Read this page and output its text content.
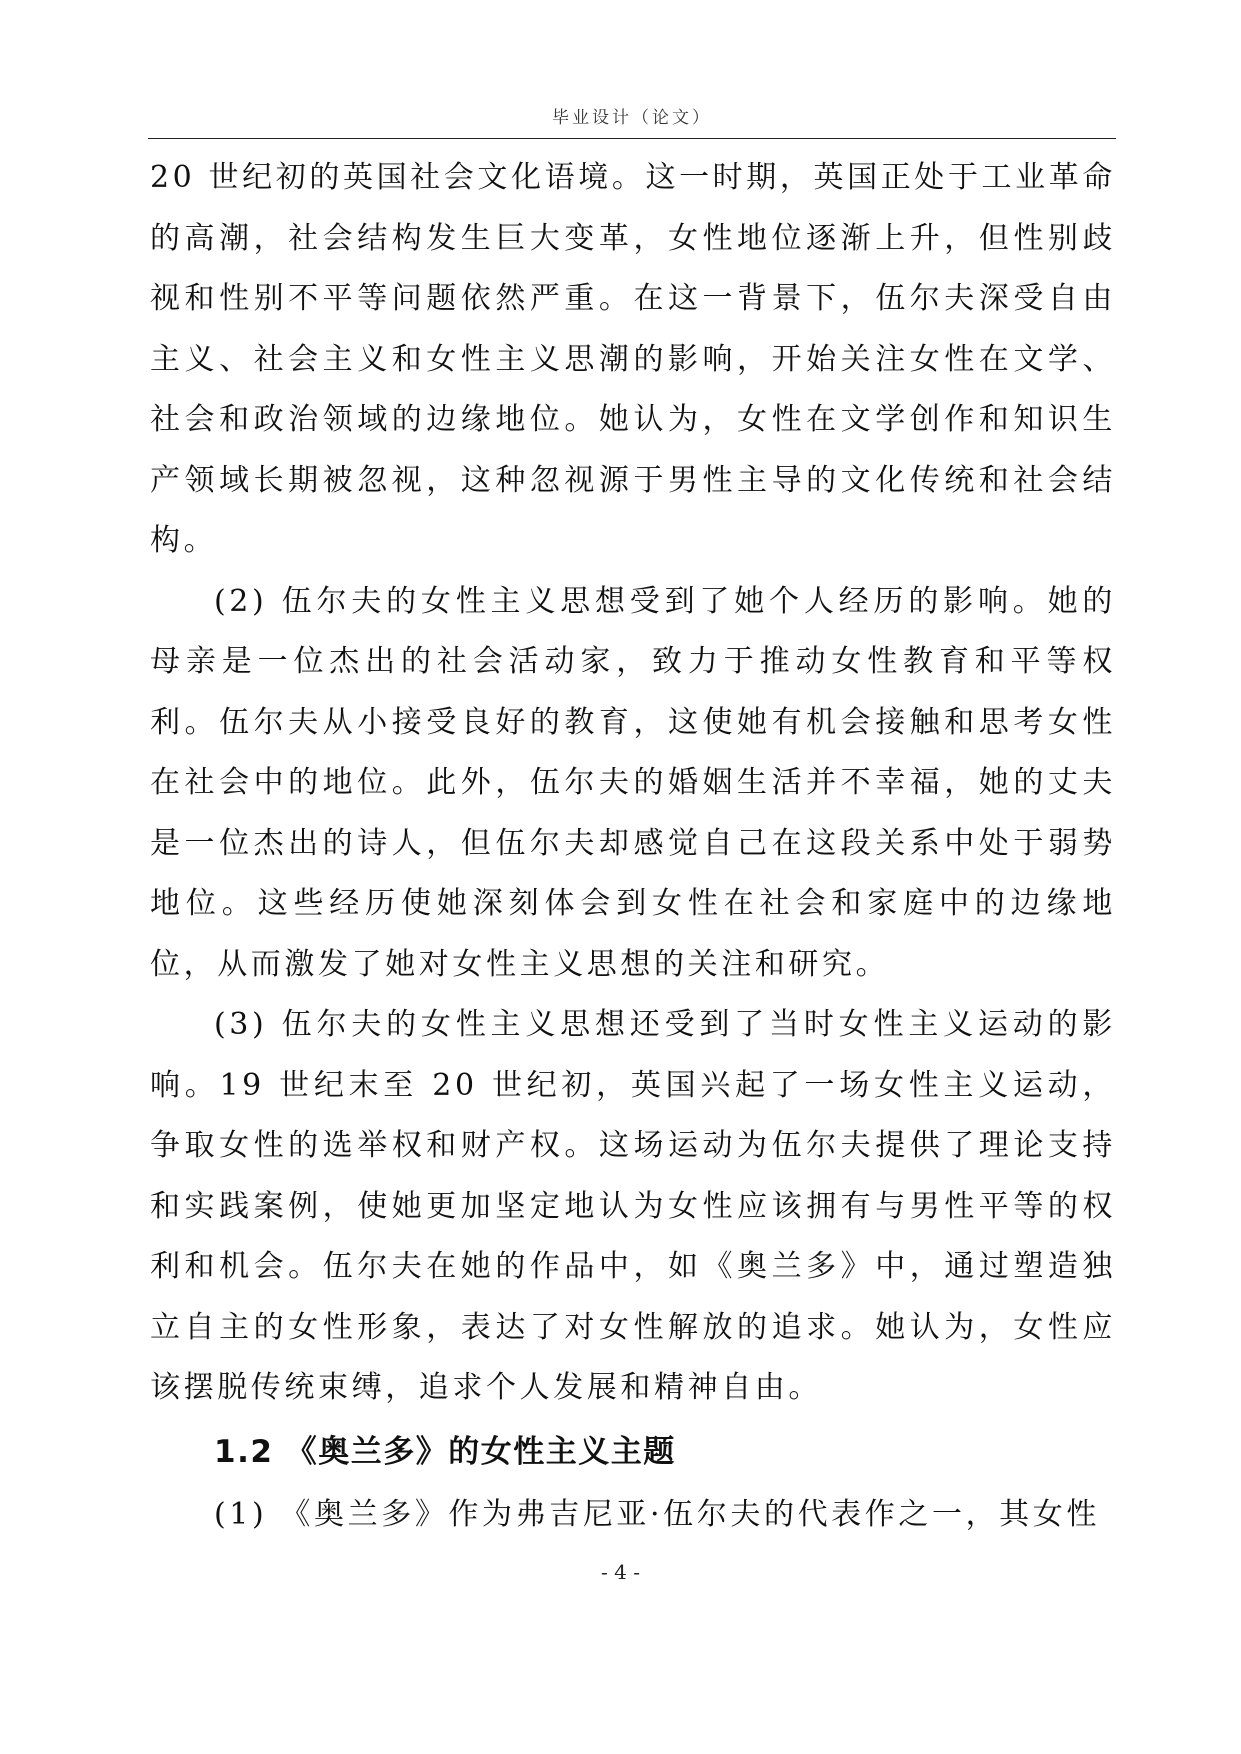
毕业设计（论文）

20 世纪初的英国社会文化语境。这一时期，英国正处于工业革命的高潮，社会结构发生巨大变革，女性地位逐渐上升，但性别歧视和性别不平等问题依然严重。在这一背景下，伍尔夫深受自由主义、社会主义和女性主义思潮的影响，开始关注女性在文学、社会和政治领域的边缘地位。她认为，女性在文学创作和知识生产领域长期被忽视，这种忽视源于男性主导的文化传统和社会结构。

(2) 伍尔夫的女性主义思想受到了她个人经历的影响。她的母亲是一位杰出的社会活动家，致力于推动女性教育和平等权利。伍尔夫从小接受良好的教育，这使她有机会接触和思考女性在社会中的地位。此外，伍尔夫的婚姻生活并不幸福，她的丈夫是一位杰出的诗人，但伍尔夫却感觉自己在这段关系中处于弱势地位。这些经历使她深刻体会到女性在社会和家庭中的边缘地位，从而激发了她对女性主义思想的关注和研究。

(3) 伍尔夫的女性主义思想还受到了当时女性主义运动的影响。19 世纪末至 20 世纪初，英国兴起了一场女性主义运动，争取女性的选举权和财产权。这场运动为伍尔夫提供了理论支持和实践案例，使她更加坚定地认为女性应该拥有与男性平等的权利和机会。伍尔夫在她的作品中，如《奥兰多》中，通过塑造独立自主的女性形象，表达了对女性解放的追求。她认为，女性应该摆脱传统束缚，追求个人发展和精神自由。

1.2 《奥兰多》的女性主义主题

(1) 《奥兰多》作为弗吉尼亚·伍尔夫的代表作之一，其女性

- 4 -
